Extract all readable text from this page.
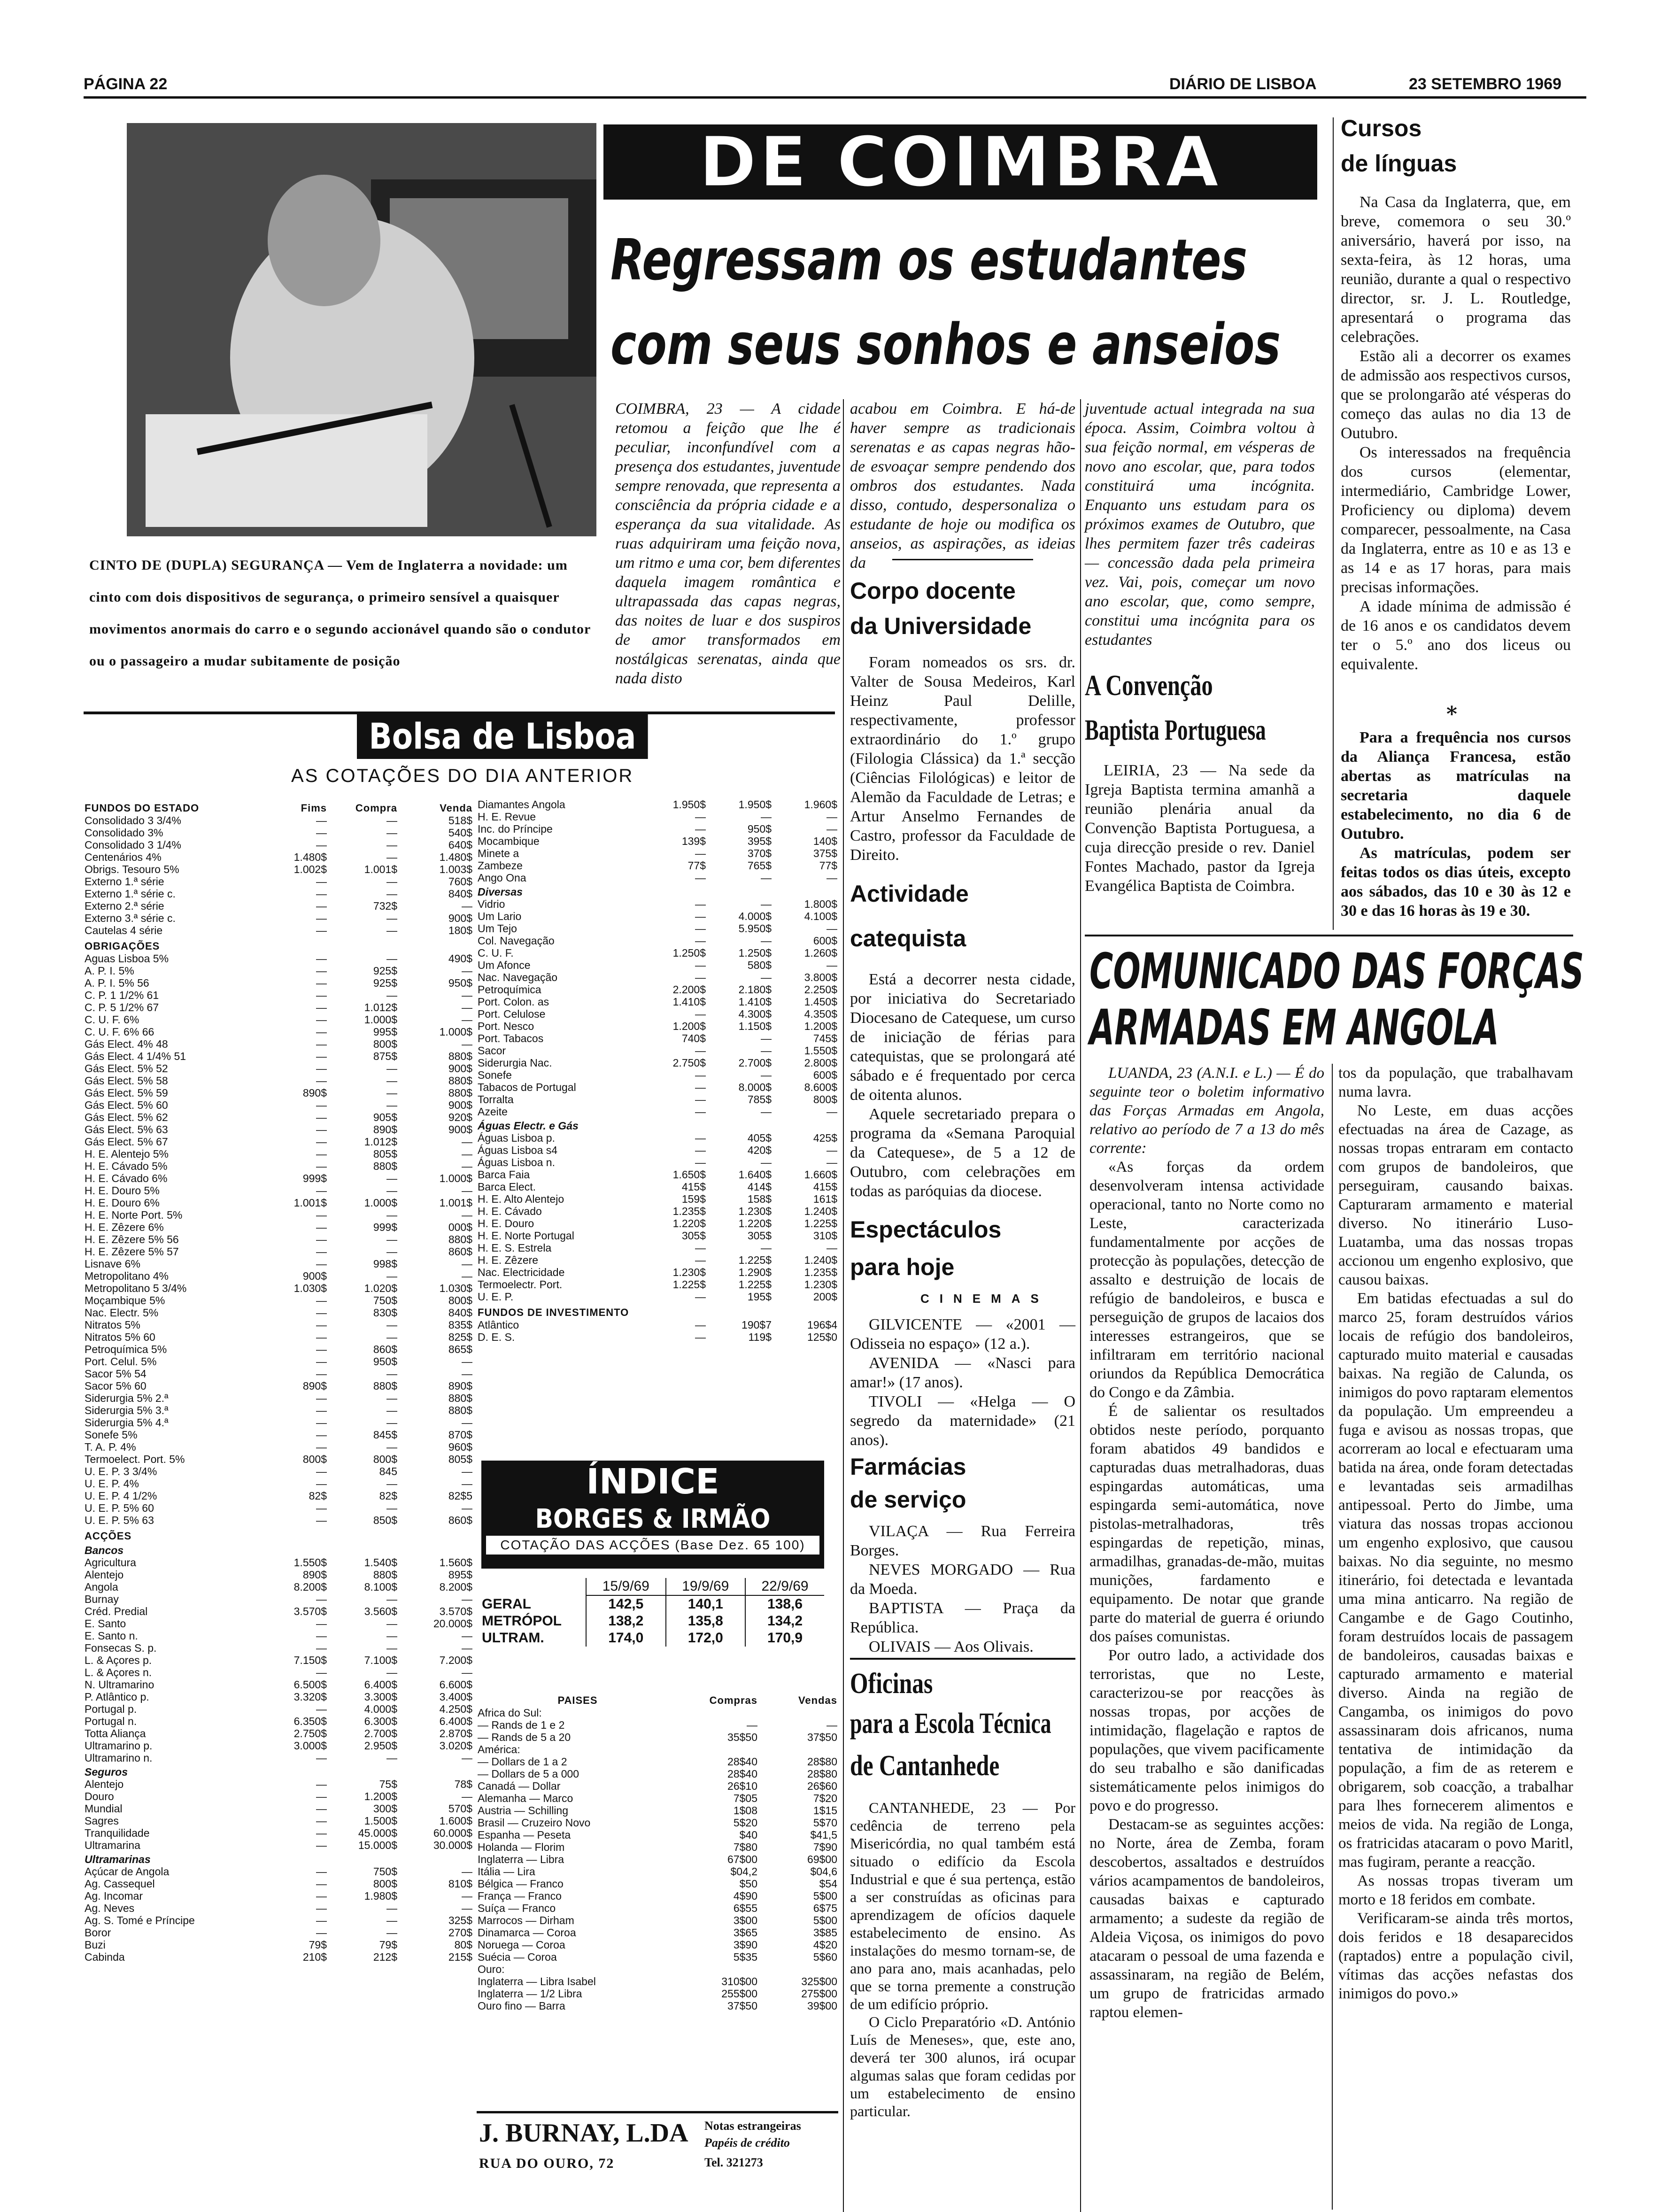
PÁGINA 22	DIÁRIO DE LISBOA	23 SETEMBRO 1969
CINTO DE (DUPLA) SEGURANÇA — Vem de Inglaterra a novidade: um cinto com dois dispositivos de segurança, o primeiro sensível a quaisquer movimentos anormais do carro e o segundo accionável quando são o condutor ou o passageiro a mudar subitamente de posição
DE COIMBRA
Regressam os estudantes
com seus sonhos e anseios

COIMBRA, 23 — A cidade retomou a feição que lhe é peculiar, inconfundível com a presença dos estudantes, juventude sempre renovada, que representa a consciência da própria cidade e a esperança da sua vitalidade. As ruas adquiriram uma feição nova, um ritmo e uma cor, bem diferentes daquela imagem romântica e ultrapassada das capas negras, das noites de luar e dos suspiros de amor transformados em nostálgicas serenatas, ainda que nada disto

acabou em Coimbra. E há-de haver sempre as tradicionais serenatas e as capas negras hão-de esvoaçar sempre pendendo dos ombros dos estudantes. Nada disso, contudo, despersonaliza o estudante de hoje ou modifica os anseios, as aspirações, as ideias da

juventude actual integrada na sua época. Assim, Coimbra voltou à sua feição normal, em vésperas de novo ano escolar, que, para todos constituirá uma incógnita. Enquanto uns estudam para os próximos exames de Outubro, que lhes permitem fazer três cadeiras — concessão dada pela primeira vez. Vai, pois, começar um novo ano escolar, que, como sempre, constitui uma incógnita para os estudantes

Corpo docente
da Universidade

Foram nomeados os srs. dr. Valter de Sousa Medeiros, Karl Heinz Paul Delille, respectivamente, professor extraordinário do 1.º grupo (Filologia Clássica) da 1.ª secção (Ciências Filológicas) e leitor de Alemão da Faculdade de Letras; e Artur Anselmo Fernandes de Castro, professor da Faculdade de Direito.

Actividade
catequista

Está a decorrer nesta cidade, por iniciativa do Secretariado Diocesano de Catequese, um curso de iniciação de férias para catequistas, que se prolongará até sábado e é frequentado por cerca de oitenta alunos.

Aquele secretariado prepara o programa da «Semana Paroquial da Catequese», de 5 a 12 de Outubro, com celebrações em todas as paróquias da diocese.

Espectáculos
para hoje
CINEMAS

GILVICENTE — «2001 — Odisseia no espaço» (12 a.).

AVENIDA — «Nasci para amar!» (17 anos).

TIVOLI — «Helga — O segredo da maternidade» (21 anos).

Farmácias
de serviço

VILAÇA — Rua Ferreira Borges.

NEVES MORGADO — Rua da Moeda.

BAPTISTA — Praça da República.

OLIVAIS — Aos Olivais.

Oficinas
para a Escola Técnica
de Cantanhede

CANTANHEDE, 23 — Por cedência de terreno pela Misericórdia, no qual também está situado o edifício da Escola Industrial e que é sua pertença, estão a ser construídas as oficinas para aprendizagem de ofícios daquele estabelecimento de ensino. As instalações do mesmo tornam-se, de ano para ano, mais acanhadas, pelo que se torna premente a construção de um edifício próprio.

O Ciclo Preparatório «D. António Luís de Meneses», que, este ano, deverá ter 300 alunos, irá ocupar algumas salas que foram cedidas por um estabelecimento de ensino particular.

Cursos
de línguas

Na Casa da Inglaterra, que, em breve, comemora o seu 30.º aniversário, haverá por isso, na sexta-feira, às 12 horas, uma reunião, durante a qual o respectivo director, sr. J. L. Routledge, apresentará o programa das celebrações.

Estão ali a decorrer os exames de admissão aos respectivos cursos, que se prolongarão até vésperas do começo das aulas no dia 13 de Outubro.

Os interessados na frequência dos cursos (elementar, intermediário, Cambridge Lower, Proficiency ou diploma) devem comparecer, pessoalmente, na Casa da Inglaterra, entre as 10 e as 13 e as 14 e as 17 horas, para mais precisas informações.

A idade mínima de admissão é de 16 anos e os candidatos devem ter o 5.º ano dos liceus ou equivalente.

*

Para a frequência nos cursos da Aliança Francesa, estão abertas as matrículas na secretaria daquele estabelecimento, no dia 6 de Outubro.

As matrículas, podem ser feitas todos os dias úteis, excepto aos sábados, das 10 e 30 às 12 e 30 e das 16 horas às 19 e 30.

A Convenção
Baptista Portuguesa

LEIRIA, 23 — Na sede da Igreja Baptista termina amanhã a reunião plenária anual da Convenção Baptista Portuguesa, a cuja direcção preside o rev. Daniel Fontes Machado, pastor da Igreja Evangélica Baptista de Coimbra.

COMUNICADO DAS FORÇAS
ARMADAS EM ANGOLA

LUANDA, 23 (A.N.I. e L.) — É do seguinte teor o boletim informativo das Forças Armadas em Angola, relativo ao período de 7 a 13 do mês corrente:

«As forças da ordem desenvolveram intensa actividade operacional, tanto no Norte como no Leste, caracterizada fundamentalmente por acções de protecção às populações, detecção de assalto e destruição de locais de refúgio de bandoleiros, e busca e perseguição de grupos de lacaios dos interesses estrangeiros, que se infiltraram em território nacional oriundos da República Democrática do Congo e da Zâmbia.

É de salientar os resultados obtidos neste período, porquanto foram abatidos 49 bandidos e capturadas duas metralhadoras, duas espingardas automáticas, uma espingarda semi-automática, nove pistolas-metralhadoras, três espingardas de repetição, minas, armadilhas, granadas-de-mão, muitas munições, fardamento e equipamento. De notar que grande parte do material de guerra é oriundo dos países comunistas.

Por outro lado, a actividade dos terroristas, que no Leste, caracterizou-se por reacções às nossas tropas, por acções de intimidação, flagelação e raptos de populações, que vivem pacificamente do seu trabalho e são danificadas sistemáticamente pelos inimigos do povo e do progresso.

Destacam-se as seguintes acções: no Norte, área de Zemba, foram descobertos, assaltados e destruídos vários acampamentos de bandoleiros, causadas baixas e capturado armamento; a sudeste da região de Aldeia Viçosa, os inimigos do povo atacaram o pessoal de uma fazenda e assassinaram, na região de Belém, um grupo de fratricidas armado raptou elemen-

tos da população, que trabalhavam numa lavra.

No Leste, em duas acções efectuadas na área de Cazage, as nossas tropas entraram em contacto com grupos de bandoleiros, que perseguiram, causando baixas. Capturaram armamento e material diverso. No itinerário Luso-Luatamba, uma das nossas tropas accionou um engenho explosivo, que causou baixas.

Em batidas efectuadas a sul do marco 25, foram destruídos vários locais de refúgio dos bandoleiros, capturado muito material e causadas baixas. Na região de Calunda, os inimigos do povo raptaram elementos da população. Um empreendeu a fuga e avisou as nossas tropas, que acorreram ao local e efectuaram uma batida na área, onde foram detectadas e levantadas seis armadilhas antipessoal. Perto do Jimbe, uma viatura das nossas tropas accionou um engenho explosivo, que causou baixas. No dia seguinte, no mesmo itinerário, foi detectada e levantada uma mina anticarro. Na região de Cangambe e de Gago Coutinho, foram destruídos locais de passagem de bandoleiros, causadas baixas e capturado armamento e material diverso. Ainda na região de Cangamba, os inimigos do povo assassinaram dois africanos, numa tentativa de intimidação da população, a fim de as reterem e obrigarem, sob coacção, a trabalhar para lhes fornecerem alimentos e meios de vida. Na região de Longa, os fratricidas atacaram o povo Maritl, mas fugiram, perante a reacção.

As nossas tropas tiveram um morto e 18 feridos em combate.

Verificaram-se ainda três mortos, dois feridos e 18 desaparecidos (raptados) entre a população civil, vítimas das acções nefastas dos inimigos do povo.»

Bolsa de Lisboa
AS COTAÇÕES DO DIA ANTERIOR
FUNDOS DO ESTADO	Fims	Compra	Venda
Consolidado 3 3/4%	—	—	518$
Consolidado 3%	—	—	540$
Consolidado 3 1/4%	—	—	640$
Centenários 4%	1.480$	—	1.480$
Obrigs. Tesouro 5%	1.002$	1.001$	1.003$
Externo 1.ª série	—	—	760$
Externo 1.ª série c.	—	—	840$
Externo 2.ª série	—	732$	—
Externo 3.ª série c.	—	—	900$
Cautelas 4 série	—	—	180$
OBRIGAÇÕES			
Aguas Lisboa 5%	—	—	490$
A. P. I. 5%	—	925$	—
A. P. I. 5% 56	—	925$	950$
C. P. 1 1/2% 61	—	—	—
C. P. 5 1/2% 67	—	1.012$	—
C. U. F. 6%	—	1.000$	—
C. U. F. 6% 66	—	995$	1.000$
Gás Elect. 4% 48	—	800$	—
Gás Elect. 4 1/4% 51	—	875$	880$
Gás Elect. 5% 52	—	—	900$
Gás Elect. 5% 58	—	—	880$
Gás Elect. 5% 59	890$	—	880$
Gás Elect. 5% 60	—	—	900$
Gás Elect. 5% 62	—	905$	920$
Gás Elect. 5% 63	—	890$	900$
Gás Elect. 5% 67	—	1.012$	—
H. E. Alentejo 5%	—	805$	—
H. E. Cávado 5%	—	880$	—
H. E. Cávado 6%	999$	—	1.000$
H. E. Douro 5%	—	—	—
H. E. Douro 6%	1.001$	1.000$	1.001$
H. E. Norte Port. 5%	—	—	—
H. E. Zêzere 6%	—	999$	000$
H. E. Zêzere 5% 56	—	—	880$
H. E. Zêzere 5% 57	—	—	860$
Lisnave 6%	—	998$	—
Metropolitano 4%	900$	—	—
Metropolitano 5 3/4%	1.030$	1.020$	1.030$
Moçambique 5%	—	750$	800$
Nac. Electr. 5%	—	830$	840$
Nitratos 5%	—	—	835$
Nitratos 5% 60	—	—	825$
Petroquímica 5%	—	860$	865$
Port. Celul. 5%	—	950$	—
Sacor 5% 54	—	—	—
Sacor 5% 60	890$	880$	890$
Siderurgia 5% 2.ª	—	—	880$
Siderurgia 5% 3.ª	—	—	880$
Siderurgia 5% 4.ª	—	—	—
Sonefe 5%	—	845$	870$
T. A. P. 4%	—	—	960$
Termoelect. Port. 5%	800$	800$	805$
U. E. P. 3 3/4%	—	845	—
U. E. P. 4%	—	—	—
U. E. P. 4 1/2%	82$	82$	82$5
U. E. P. 5% 60	—	—	—
U. E. P. 5% 63	—	850$	860$
ACÇÕES			
Bancos			
Agricultura	1.550$	1.540$	1.560$
Alentejo	890$	880$	895$
Angola	8.200$	8.100$	8.200$
Burnay	—	—	—
Créd. Predial	3.570$	3.560$	3.570$
E. Santo	—	—	20.000$
E. Santo n.	—	—	—
Fonsecas S. p.	—	—	—
L. & Açores p.	7.150$	7.100$	7.200$
L. & Açores n.	—	—	—
N. Ultramarino	6.500$	6.400$	6.600$
P. Atlântico p.	3.320$	3.300$	3.400$
Portugal p.	—	4.000$	4.250$
Portugal n.	6.350$	6.300$	6.400$
Totta Aliança	2.750$	2.700$	2.870$
Ultramarino p.	3.000$	2.950$	3.020$
Ultramarino n.	—	—	—
Seguros			
Alentejo	—	75$	78$
Douro	—	1.200$	—
Mundial	—	300$	570$
Sagres	—	1.500$	1.600$
Tranquilidade	—	45.000$	60.000$
Ultramarina	—	15.000$	30.000$
Ultramarinas			
Açúcar de Angola	—	750$	—
Ag. Cassequel	—	800$	810$
Ag. Incomar	—	1.980$	—
Ag. Neves	—	—	—
Ag. S. Tomé e Príncipe	—	—	325$
Boror	—	—	270$
Buzi	79$	79$	80$
Cabinda	210$	212$	215$
Diamantes Angola	1.950$	1.950$	1.960$
H. E. Revue	—	—	—
Inc. do Príncipe	—	950$	—
Mocambique	139$	395$	140$
Minete a	—	370$	375$
Zambeze	77$	765$	77$
Ango Ona	—	—	—
Diversas			
Vidrio	—	—	1.800$
Um Lario	—	4.000$	4.100$
Um Tejo	—	5.950$	—
Col. Navegação	—	—	600$
C. U. F.	1.250$	1.250$	1.260$
Um Afonce	—	580$	—
Nac. Navegação	—	—	3.800$
Petroquímica	2.200$	2.180$	2.250$
Port. Colon. as	1.410$	1.410$	1.450$
Port. Celulose	—	4.300$	4.350$
Port. Nesco	1.200$	1.150$	1.200$
Port. Tabacos	740$	—	745$
Sacor	—	—	1.550$
Siderurgia Nac.	2.750$	2.700$	2.800$
Sonefe	—	—	600$
Tabacos de Portugal	—	8.000$	8.600$
Torralta	—	785$	800$
Azeite	—	—	—
Águas Electr. e Gás			
Águas Lisboa p.	—	405$	425$
Águas Lisboa s4	—	420$	—
Águas Lisboa n.	—	—	—
Barca Faia	1.650$	1.640$	1.660$
Barca Elect.	415$	414$	415$
H. E. Alto Alentejo	159$	158$	161$
H. E. Cávado	1.235$	1.230$	1.240$
H. E. Douro	1.220$	1.220$	1.225$
H. E. Norte Portugal	305$	305$	310$
H. E. S. Estrela	—	—	—
H. E. Zêzere	—	1.225$	1.240$
Nac. Electricidade	1.230$	1.290$	1.235$
Termoelectr. Port.	1.225$	1.225$	1.230$
U. E. P.	—	195$	200$
FUNDOS DE INVESTIMENTO			
Atlântico	—	190$7	196$4
D. E. S.	—	119$	125$0
ÍNDICE
BORGES & IRMÃO
COTAÇÃO DAS ACÇÕES (Base Dez. 65 100)
	15/9/69	19/9/69	22/9/69
GERAL	142,5	140,1	138,6
METRÓPOL	138,2	135,8	134,2
ULTRAM.	174,0	172,0	170,9
PAISES	Compras	Vendas
Africa do Sul:		
— Rands de 1 e 2	—	—
— Rands de 5 a 20	35$50	37$50
América:		
— Dollars de 1 a 2	28$40	28$80
— Dollars de 5 a 000	28$40	28$80
Canadá — Dollar	26$10	26$60
Alemanha — Marco	7$05	7$20
Austria — Schilling	1$08	1$15
Brasil — Cruzeiro Novo	5$20	5$70
Espanha — Peseta	$40	$41,5
Holanda — Florim	7$80	7$90
Inglaterra — Libra	67$00	69$00
Itália — Lira	$04,2	$04,6
Bélgica — Franco	$50	$54
França — Franco	4$90	5$00
Suíça — Franco	6$55	6$75
Marrocos — Dirham	3$00	5$00
Dinamarca — Coroa	3$65	3$85
Noruega — Coroa	3$90	4$20
Suécia — Coroa	5$35	5$60
Ouro:		
Inglaterra — Libra Isabel	310$00	325$00
Inglaterra — 1/2 Libra	255$00	275$00
Ouro fino — Barra	37$50	39$00
J. BURNAY, L.DA
RUA DO OURO, 72
Notas estrangeiras
Papéis de crédito
Tel. 321273
